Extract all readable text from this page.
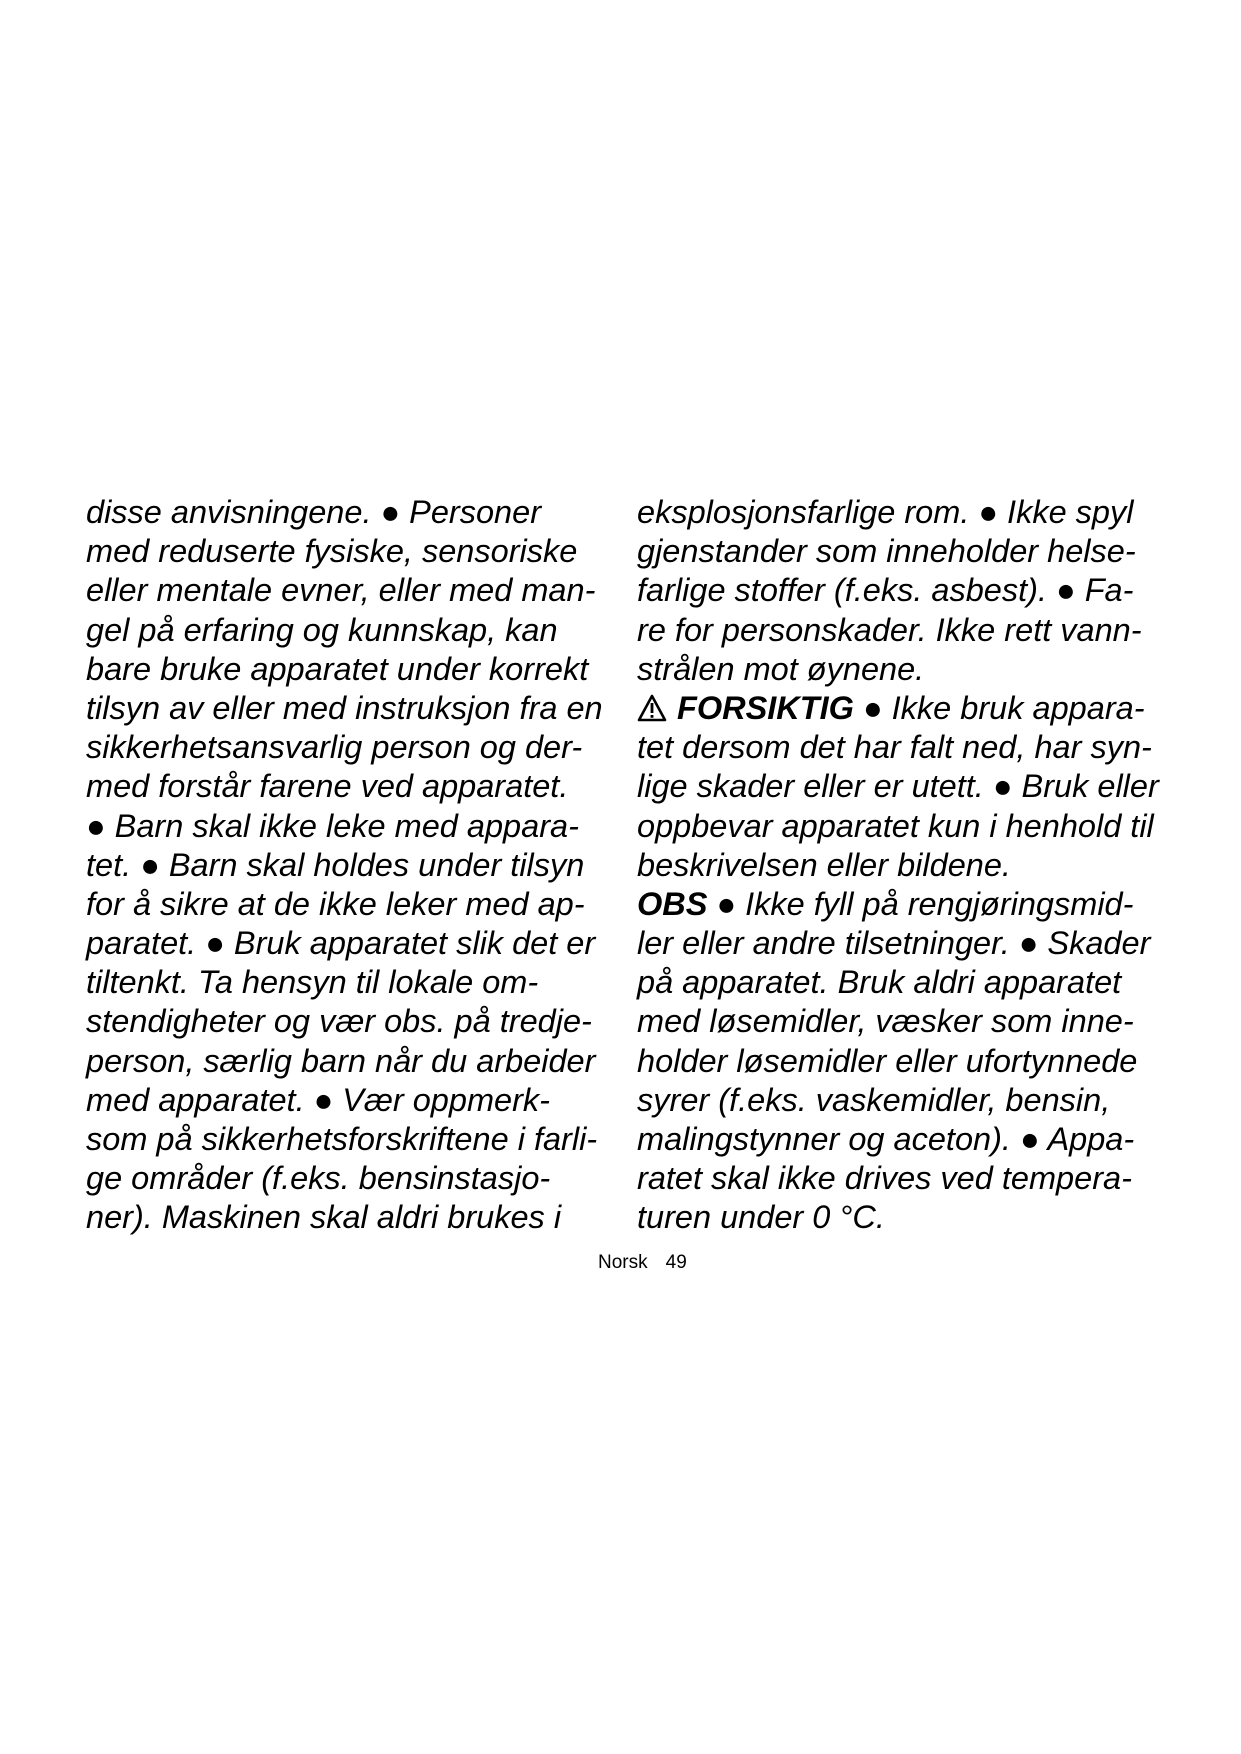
disse anvisningene. ● Personer
med reduserte fysiske, sensoriske
eller mentale evner, eller med man-
gel på erfaring og kunnskap, kan
bare bruke apparatet under korrekt
tilsyn av eller med instruksjon fra en
sikkerhetsansvarlig person og der-
med forstår farene ved apparatet.
● Barn skal ikke leke med appara-
tet. ● Barn skal holdes under tilsyn
for å sikre at de ikke leker med ap-
paratet. ● Bruk apparatet slik det er
tiltenkt. Ta hensyn til lokale om-
stendigheter og vær obs. på tredje-
person, særlig barn når du arbeider
med apparatet. ● Vær oppmerk-
som på sikkerhetsforskriftene i farli-
ge områder (f.eks. bensinstasjo-
ner). Maskinen skal aldri brukes i
eksplosjonsfarlige rom. ● Ikke spyl
gjenstander som inneholder helse-
farlige stoffer (f.eks. asbest). ● Fa-
re for personskader. Ikke rett vann-
strålen mot øynene.
FORSIKTIG ● Ikke bruk appara-
tet dersom det har falt ned, har syn-
lige skader eller er utett. ● Bruk eller
oppbevar apparatet kun i henhold til
beskrivelsen eller bildene.
OBS ● Ikke fyll på rengjøringsmid-
ler eller andre tilsetninger. ● Skader
på apparatet. Bruk aldri apparatet
med løsemidler, væsker som inne-
holder løsemidler eller ufortynnede
syrer (f.eks. vaskemidler, bensin,
malingstynner og aceton). ● Appa-
ratet skal ikke drives ved tempera-
turen under 0 °C.
Norsk 49
